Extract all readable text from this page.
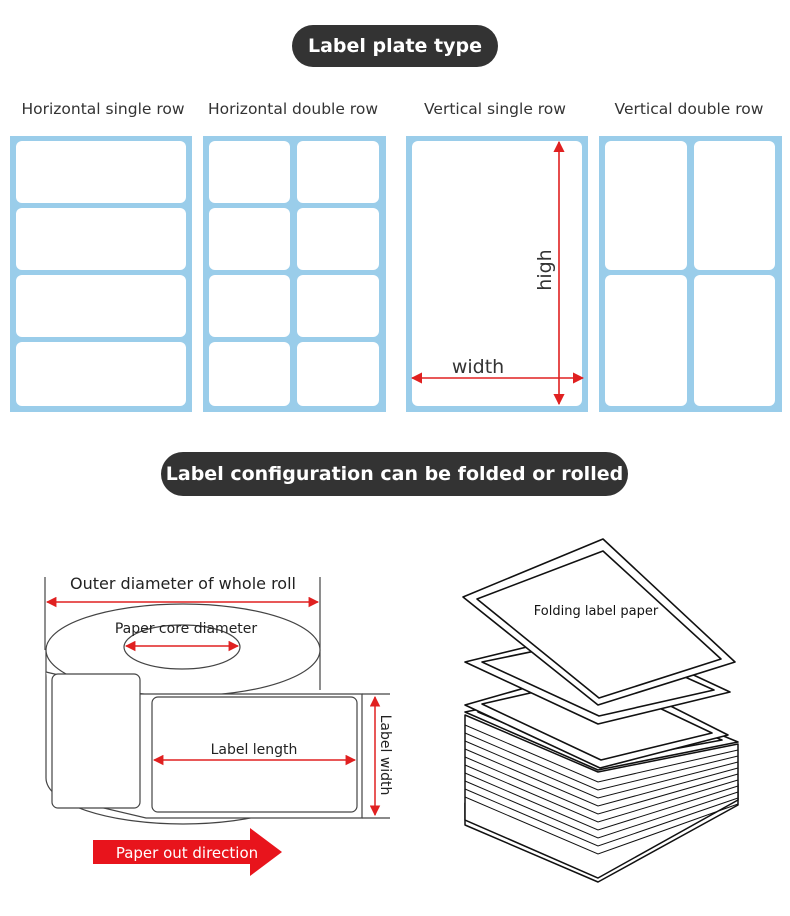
Label plate type
Horizontal single row	Horizontal double row	Vertical single row	Vertical double row
width
high
Label configuration can be folded or rolled
Outer diameter of whole roll
Paper core diameter
Label length	Label width
Paper out direction
Folding label paper
